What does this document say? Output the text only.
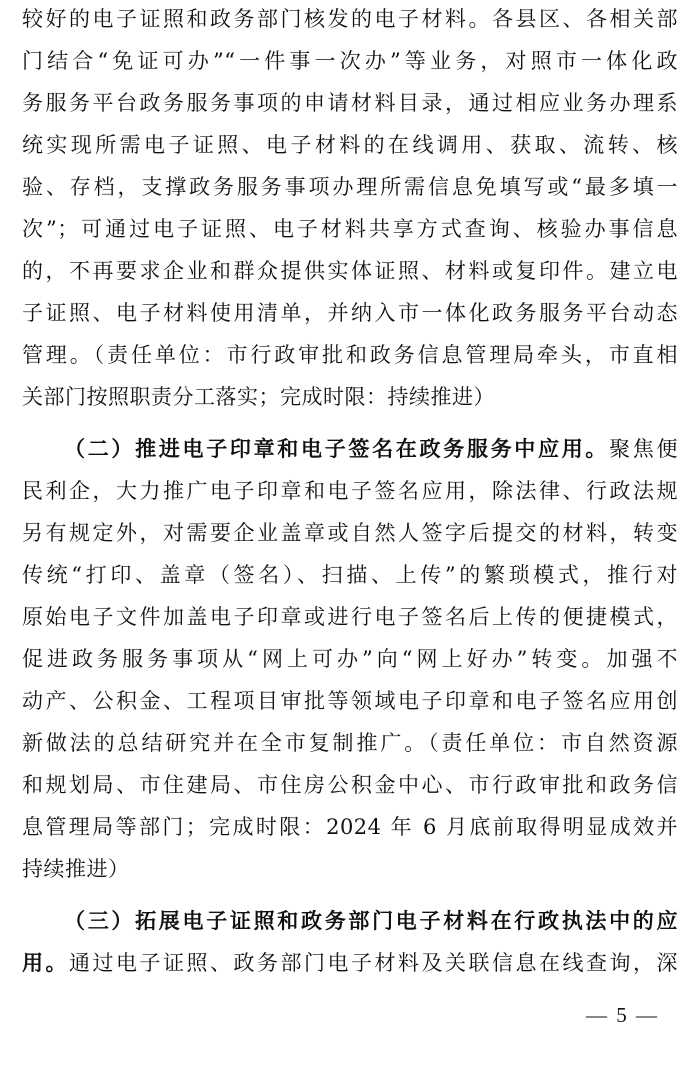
较好的电子证照和政务部门核发的电子材料。各县区、各相关部
门结合“免证可办”“一件事一次办”等业务，对照市一体化政
务服务平台政务服务事项的申请材料目录，通过相应业务办理系
统实现所需电子证照、电子材料的在线调用、获取、流转、核
验、存档，支撑政务服务事项办理所需信息免填写或“最多填一
次”；可通过电子证照、电子材料共享方式查询、核验办事信息
的，不再要求企业和群众提供实体证照、材料或复印件。建立电
子证照、电子材料使用清单，并纳入市一体化政务服务平台动态
管理。（责任单位：市行政审批和政务信息管理局牵头，市直相
关部门按照职责分工落实；完成时限：持续推进）
（二）推进电子印章和电子签名在政务服务中应用。聚焦便
民利企，大力推广电子印章和电子签名应用，除法律、行政法规
另有规定外，对需要企业盖章或自然人签字后提交的材料，转变
传统“打印、盖章（签名）、扫描、上传”的繁琐模式，推行对
原始电子文件加盖电子印章或进行电子签名后上传的便捷模式，
促进政务服务事项从“网上可办”向“网上好办”转变。加强不
动产、公积金、工程项目审批等领域电子印章和电子签名应用创
新做法的总结研究并在全市复制推广。（责任单位：市自然资源
和规划局、市住建局、市住房公积金中心、市行政审批和政务信
息管理局等部门；完成时限：2024 年 6 月底前取得明显成效并
持续推进）
（三）拓展电子证照和政务部门电子材料在行政执法中的应
用。通过电子证照、政务部门电子材料及关联信息在线查询，深
— 5 —
